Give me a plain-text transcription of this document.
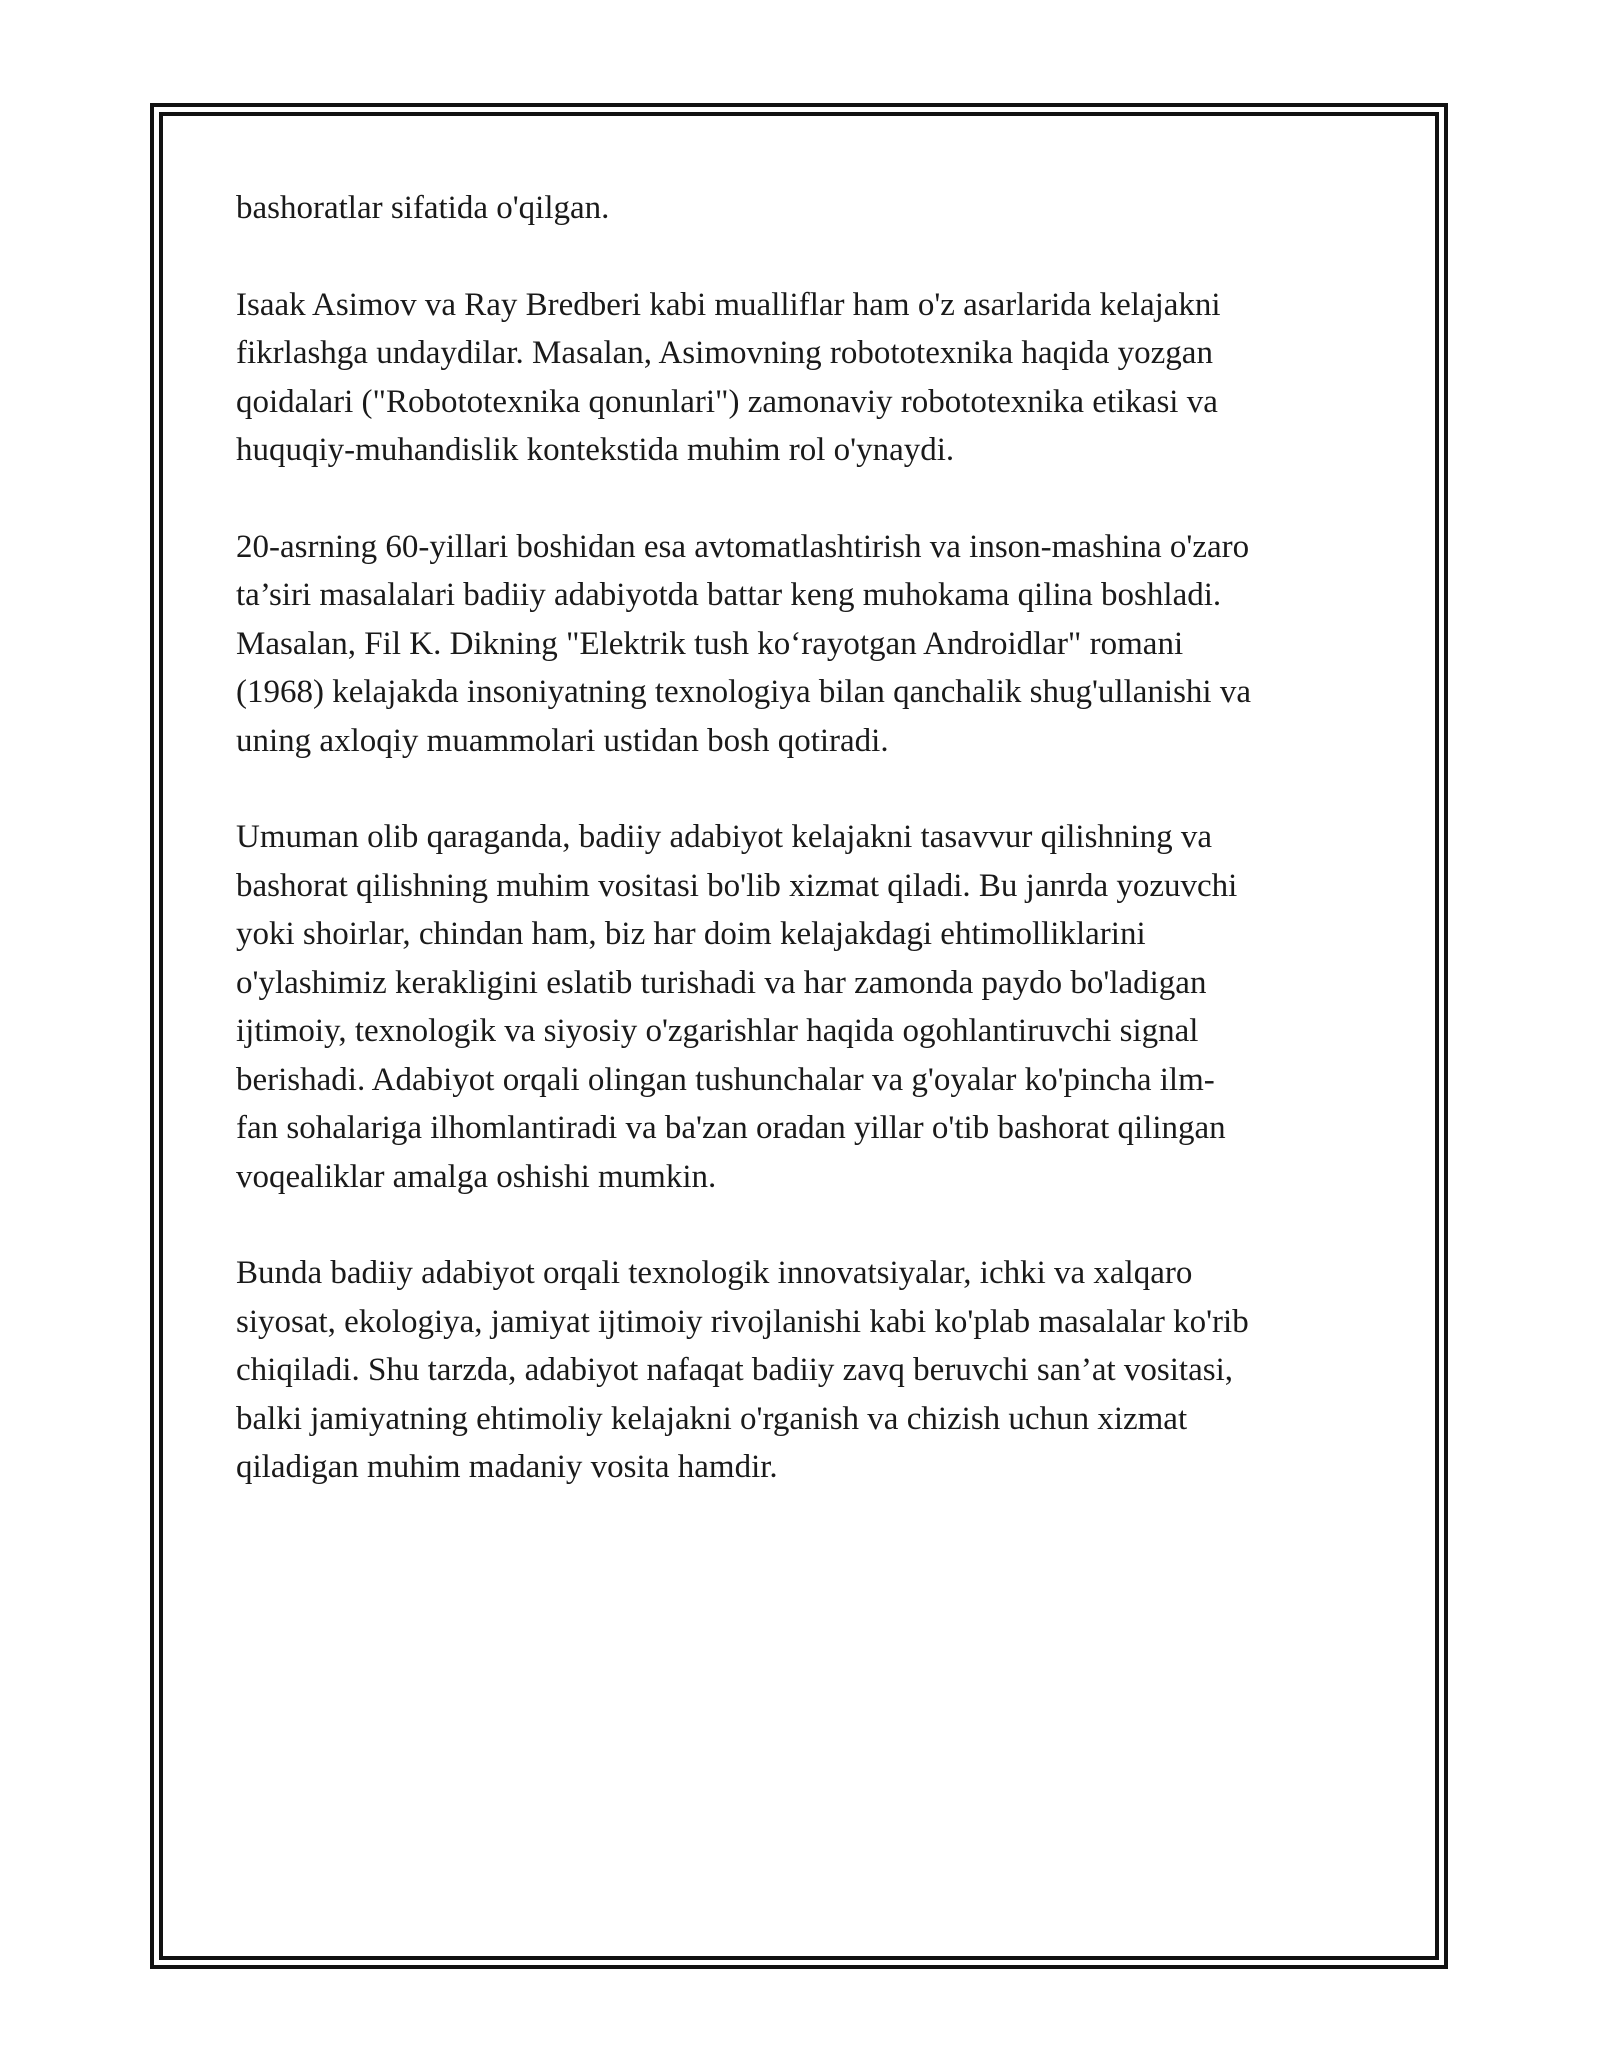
bashoratlar sifatida o'qilgan.

Isaak Asimov va Ray Bredberi kabi mualliflar ham o'z asarlarida kelajakni
fikrlashga undaydilar. Masalan, Asimovning robototexnika haqida yozgan
qoidalari ("Robototexnika qonunlari") zamonaviy robototexnika etikasi va
huquqiy-muhandislik kontekstida muhim rol o'ynaydi.

20-asrning 60-yillari boshidan esa avtomatlashtirish va inson-mashina o'zaro
ta’siri masalalari badiiy adabiyotda battar keng muhokama qilina boshladi.
Masalan, Fil K. Dikning "Elektrik tush ko‘rayotgan Androidlar" romani
(1968) kelajakda insoniyatning texnologiya bilan qanchalik shug'ullanishi va
uning axloqiy muammolari ustidan bosh qotiradi.

Umuman olib qaraganda, badiiy adabiyot kelajakni tasavvur qilishning va
bashorat qilishning muhim vositasi bo'lib xizmat qiladi. Bu janrda yozuvchi
yoki shoirlar, chindan ham, biz har doim kelajakdagi ehtimolliklarini
o'ylashimiz kerakligini eslatib turishadi va har zamonda paydo bo'ladigan
ijtimoiy, texnologik va siyosiy o'zgarishlar haqida ogohlantiruvchi signal
berishadi. Adabiyot orqali olingan tushunchalar va g'oyalar ko'pincha ilm-
fan sohalariga ilhomlantiradi va ba'zan oradan yillar o'tib bashorat qilingan
voqealiklar amalga oshishi mumkin.

Bunda badiiy adabiyot orqali texnologik innovatsiyalar, ichki va xalqaro
siyosat, ekologiya, jamiyat ijtimoiy rivojlanishi kabi ko'plab masalalar ko'rib
chiqiladi. Shu tarzda, adabiyot nafaqat badiiy zavq beruvchi san’at vositasi,
balki jamiyatning ehtimoliy kelajakni o'rganish va chizish uchun xizmat
qiladigan muhim madaniy vosita hamdir.
